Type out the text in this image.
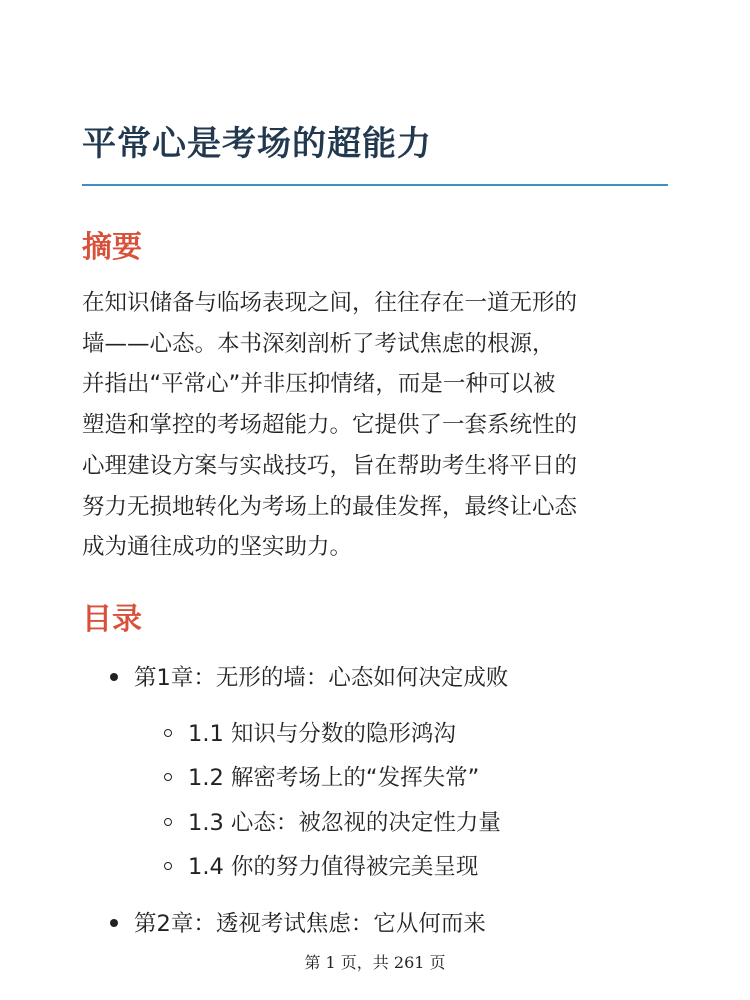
平常心是考场的超能力
摘要

在知识储备与临场表现之间，往往存在一道无形的
墙——心态。本书深刻剖析了考试焦虑的根源，
并指出“平常心”并非压抑情绪，而是一种可以被
塑造和掌控的考场超能力。它提供了一套系统性的
心理建设方案与实战技巧，旨在帮助考生将平日的
努力无损地转化为考场上的最佳发挥，最终让心态
成为通往成功的坚实助力。

目录
第1章：无形的墙：心态如何决定成败
1.1 知识与分数的隐形鸿沟
1.2 解密考场上的“发挥失常”
1.3 心态：被忽视的决定性力量
1.4 你的努力值得被完美呈现
第2章：透视考试焦虑：它从何而来
第 1 页，共 261 页
